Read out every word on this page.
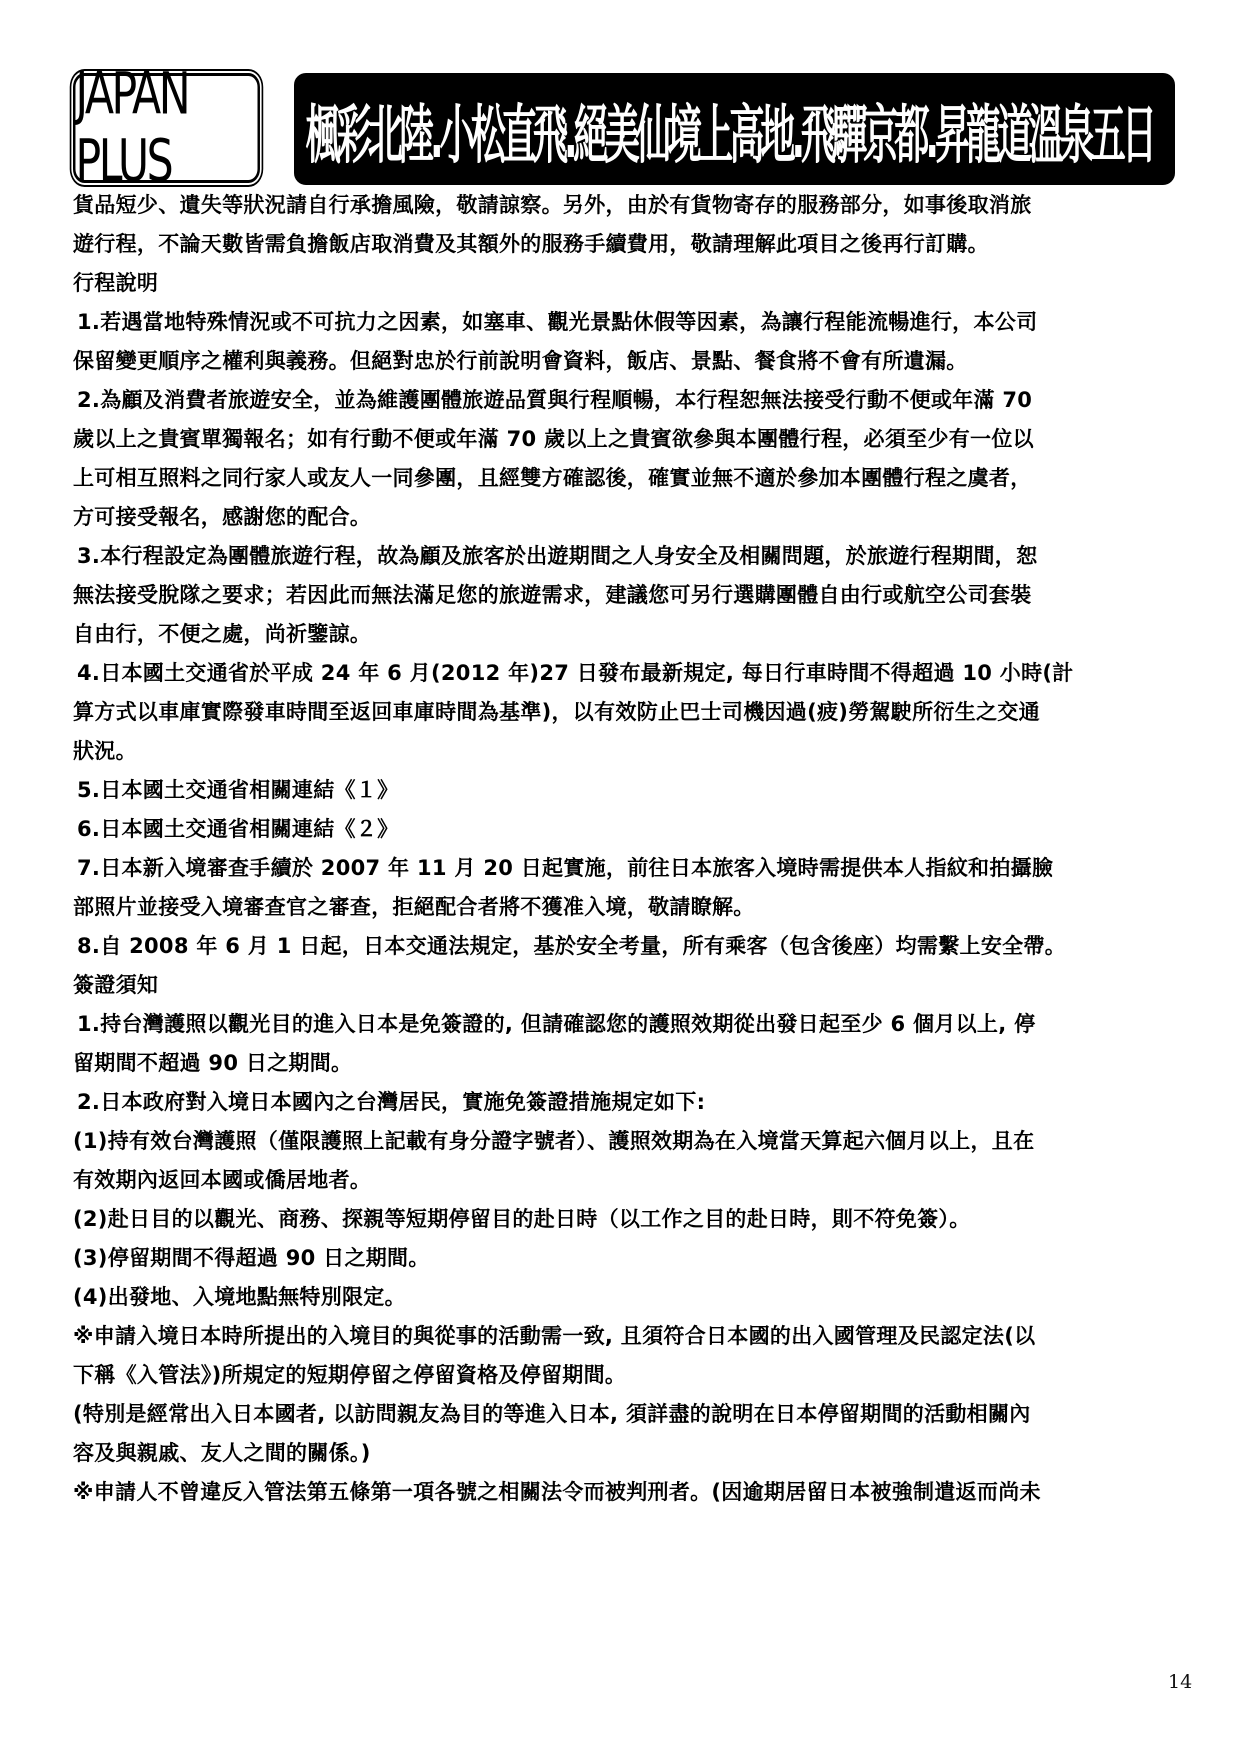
JAPAN PLUS	楓彩北陸.小松直飛.絕美仙境上高地.飛驒京都.昇龍道溫泉五日
貨品短少、遺失等狀況請自行承擔風險，敬請諒察。另外，由於有貨物寄存的服務部分，如事後取消旅
遊行程，不論天數皆需負擔飯店取消費及其額外的服務手續費用，敬請理解此項目之後再行訂購。
行程說明
1.若遇當地特殊情況或不可抗力之因素，如塞車、觀光景點休假等因素，為讓行程能流暢進行，本公司
保留變更順序之權利與義務。但絕對忠於行前說明會資料，飯店、景點、餐食將不會有所遺漏。
2.為顧及消費者旅遊安全，並為維護團體旅遊品質與行程順暢，本行程恕無法接受行動不便或年滿 70
歲以上之貴賓單獨報名；如有行動不便或年滿 70 歲以上之貴賓欲參與本團體行程，必須至少有一位以
上可相互照料之同行家人或友人一同參團，且經雙方確認後，確實並無不適於參加本團體行程之虞者，
方可接受報名，感謝您的配合。
3.本行程設定為團體旅遊行程，故為顧及旅客於出遊期間之人身安全及相關問題，於旅遊行程期間，恕
無法接受脫隊之要求；若因此而無法滿足您的旅遊需求，建議您可另行選購團體自由行或航空公司套裝
自由行，不便之處，尚祈鑒諒。
4.日本國土交通省於平成 24 年 6 月(2012 年)27 日發布最新規定, 每日行車時間不得超過 10 小時(計
算方式以車庫實際發車時間至返回車庫時間為基準)，以有效防止巴士司機因過(疲)勞駕駛所衍生之交通
狀況。
5.日本國土交通省相關連結《１》
6.日本國土交通省相關連結《２》
7.日本新入境審查手續於 2007 年 11 月 20 日起實施，前往日本旅客入境時需提供本人指紋和拍攝臉
部照片並接受入境審查官之審查，拒絕配合者將不獲准入境，敬請瞭解。
8.自 2008 年 6 月 1 日起，日本交通法規定，基於安全考量，所有乘客（包含後座）均需繫上安全帶。
簽證須知
1.持台灣護照以觀光目的進入日本是免簽證的, 但請確認您的護照效期從出發日起至少 6 個月以上, 停
留期間不超過 90 日之期間。
2.日本政府對入境日本國內之台灣居民，實施免簽證措施規定如下:
(1)持有效台灣護照（僅限護照上記載有身分證字號者）、護照效期為在入境當天算起六個月以上，且在
有效期內返回本國或僑居地者。
(2)赴日目的以觀光、商務、探親等短期停留目的赴日時（以工作之目的赴日時，則不符免簽）。
(3)停留期間不得超過 90 日之期間。
(4)出發地、入境地點無特別限定。
※申請入境日本時所提出的入境目的與從事的活動需一致, 且須符合日本國的出入國管理及民認定法(以
下稱《入管法》)所規定的短期停留之停留資格及停留期間。
(特別是經常出入日本國者, 以訪問親友為目的等進入日本, 須詳盡的說明在日本停留期間的活動相關內
容及與親戚、友人之間的關係。)
※申請人不曾違反入管法第五條第一項各號之相關法令而被判刑者。(因逾期居留日本被強制遣返而尚未
14
